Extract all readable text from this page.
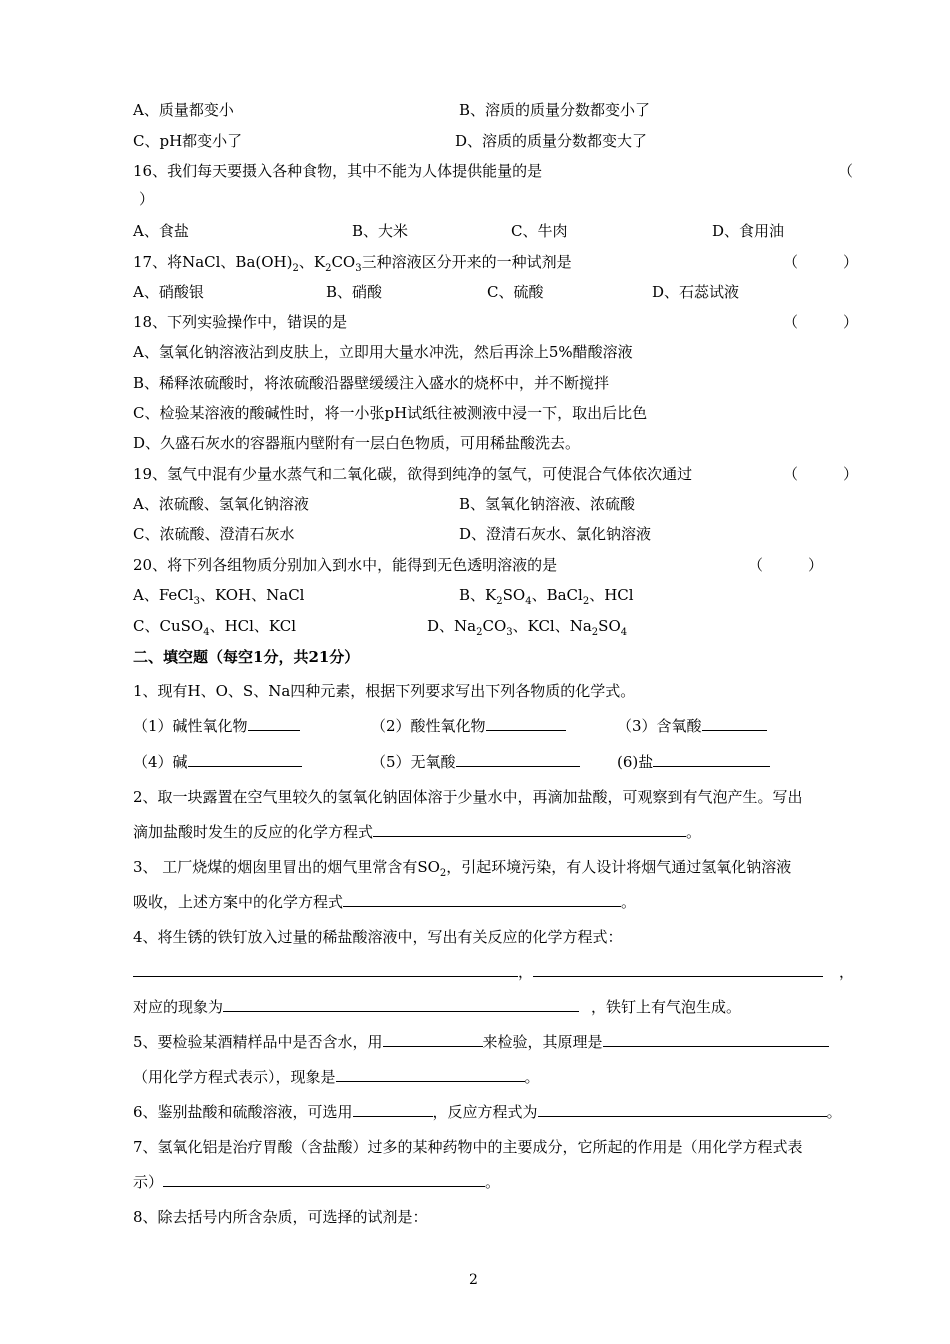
A、质量都变小	B、溶质的质量分数都变小了
C、pH都变小了	D、溶质的质量分数都变大了
16、我们每天要摄入各种食物，其中不能为人体提供能量的是	（
）
A、食盐	B、大米	C、牛肉	D、食用油
17、将NaCl、$Ba(OH)_2$、$K_2CO_3$三种溶液区分开来的一种试剂是	（　　　）
A、硝酸银	B、硝酸	C、硫酸	D、石蕊试液
18、下列实验操作中，错误的是	（　　　）
A、氢氧化钠溶液沾到皮肤上，立即用大量水冲洗，然后再涂上5%醋酸溶液
B、稀释浓硫酸时，将浓硫酸沿器壁缓缓注入盛水的烧杯中，并不断搅拌
C、检验某溶液的酸碱性时，将一小张pH试纸往被测液中浸一下，取出后比色
D、久盛石灰水的容器瓶内壁附有一层白色物质，可用稀盐酸洗去。
19、氢气中混有少量水蒸气和二氧化碳，欲得到纯净的氢气，可使混合气体依次通过	（　　　）
A、浓硫酸、氢氧化钠溶液	B、氢氧化钠溶液、浓硫酸
C、浓硫酸、澄清石灰水	D、澄清石灰水、氯化钠溶液
20、将下列各组物质分别加入到水中，能得到无色透明溶液的是	（　　　）
A、FeCl$_3$、KOH、NaCl	B、$K_2SO_4$、BaCl$_2$、HCl
C、CuSO$_4$、HCl、KCl	D、$Na_2CO_3$、KCl、$Na_2SO_4$
二、填空题（每空1分，共21分）
1、现有H、O、S、Na四种元素，根据下列要求写出下列各物质的化学式。
（1）碱性氧化物	（2）酸性氧化物	（3）含氧酸
（4）碱	（5）无氧酸	(6)盐
2、取一块露置在空气里较久的氢氧化钠固体溶于少量水中，再滴加盐酸，可观察到有气泡产生。写出
滴加盐酸时发生的反应的化学方程式	。
3、 工厂烧煤的烟囱里冒出的烟气里常含有$SO_2$，引起环境污染，有人设计将烟气通过氢氧化钠溶液
吸收，上述方案中的化学方程式	。
4、将生锈的铁钉放入过量的稀盐酸溶液中，写出有关反应的化学方程式：
，	，
对应的现象为	，铁钉上有气泡生成。
5、要检验某酒精样品中是否含水，用	来检验，其原理是
（用化学方程式表示），现象是	。
6、鉴别盐酸和硫酸溶液，可选用	，反应方程式为	。
7、氢氧化铝是治疗胃酸（含盐酸）过多的某种药物中的主要成分，它所起的作用是（用化学方程式表
示）	。
8、除去括号内所含杂质，可选择的试剂是：
2
